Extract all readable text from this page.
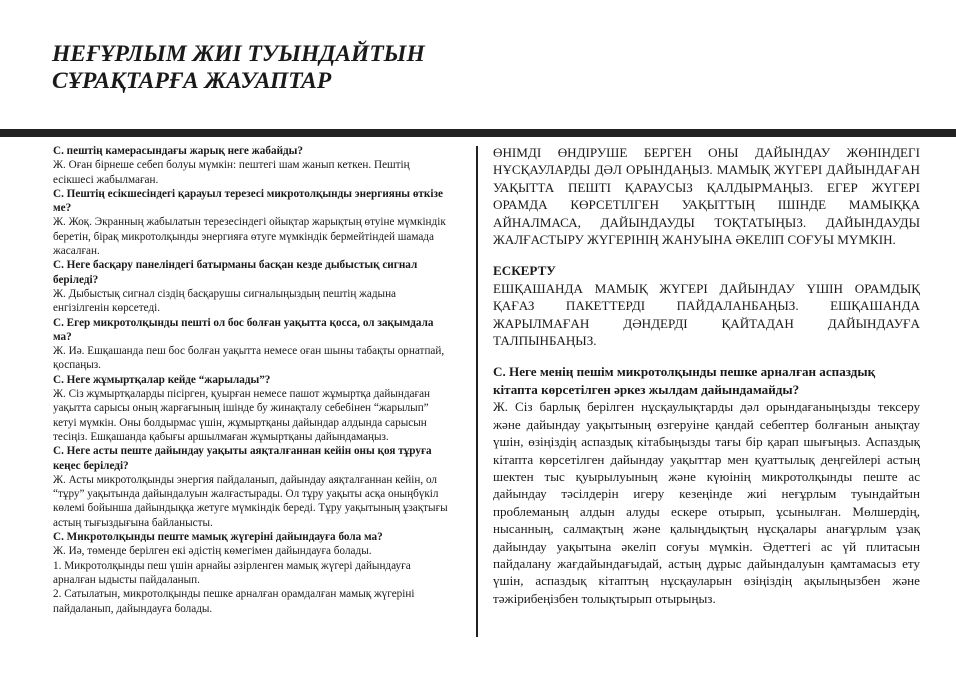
НЕҒҰРЛЫМ ЖИІ ТУЫНДАЙТЫН
СҰРАҚТАРҒА ЖАУАПТАР

С. пештің камерасындағы жарық неге жабайды?

Ж. Оған бірнеше себеп болуы мүмкін: пештегі шам жанып кеткен. Пештің есікшесі жабылмаған.

С. Пештің есікшесіндегі қарауыл терезесі микротолқынды энергияны өткізе ме?

Ж. Жоқ. Экранның жабылатын терезесіндегі ойықтар жарықтың өтуіне мүмкіндік беретін, бірақ микротолқынды энергияға өтуге мүмкіндік бермейтіндей шамада жасалған.

С. Неге басқару панеліндегі батырманы басқан кезде дыбыстық сигнал беріледі?

Ж. Дыбыстық сигнал сіздің басқарушы сигналыңыздың пештің жадына енгізілгенін көрсетеді.

С. Егер микротолқынды пешті ол бос болған уақытта қосса, ол зақымдала ма?

Ж. Иә. Ешқашанда пеш бос болған уақытта немесе оған шыны табақты орнатпай, қоспаңыз.

С. Неге жұмыртқалар кейде “жарылады”?

Ж. Сіз жұмыртқаларды пісірген, қуырған немесе пашот жұмыртқа дайындаған уақытта сарысы оның жарғағының ішінде бу жинақталу себебінен “жарылып” кетуі мүмкін. Оны болдырмас үшін, жұмыртқаны дайындар алдында сарысын тесіңіз. Ешқашанда қабығы аршылмаған жұмыртқаны дайындамаңыз.

С. Неге асты пеште дайындау уақыты аяқталғаннан кейін оны қоя тұруға кеңес беріледі?

Ж. Асты микротолқынды энергия пайдаланып, дайындау аяқталғаннан кейін, ол “тұру” уақытында дайындалуын жалғастырады. Ол тұру уақыты асқа оныңбүкіл көлемі бойынша дайындыққа жетуге мүмкіндік береді. Тұру уақытының ұзақтығы астың тығыздығына байланысты.

С. Микротолқынды пеште мамық жүгеріні дайындауға бола ма?

Ж. Иә, төменде берілген екі әдістің көмегімен дайындауға болады.

1. Микротолқынды пеш үшін арнайы әзірленген мамық жүгері дайындауға арналған ыдысты пайдаланып.

2. Сатылатын, микротолқынды пешке арналған орамдалған мамық жүгеріні пайдаланып, дайындауға болады.

ӨНІМДІ ӨНДІРУШЕ БЕРГЕН ОНЫ ДАЙЫНДАУ ЖӨНІНДЕГІ НҰСҚАУЛАРДЫ ДӘЛ ОРЫНДАҢЫЗ. МАМЫҚ ЖҮГЕРІ ДАЙЫНДАҒАН УАҚЫТТА ПЕШТІ ҚАРАУСЫЗ ҚАЛДЫРМАҢЫЗ. ЕГЕР ЖҮГЕРІ ОРАМДА КӨРСЕТІЛГЕН УАҚЫТТЫҢ ІШІНДЕ МАМЫҚҚА АЙНАЛМАСА, ДАЙЫНДАУДЫ ТОҚТАТЫҢЫЗ. ДАЙЫНДАУДЫ ЖАЛҒАСТЫРУ ЖҮГЕРІНІҢ ЖАНУЫНА ӘКЕЛІП СОҒУЫ МҮМКІН.

ЕСКЕРТУ
ЕШҚАШАНДА МАМЫҚ ЖҮГЕРІ ДАЙЫНДАУ ҮШІН ОРАМДЫҚ ҚАҒАЗ ПАКЕТТЕРДІ ПАЙДАЛАНБАҢЫЗ. ЕШҚАШАНДА ЖАРЫЛМАҒАН ДӘНДЕРДІ ҚАЙТАДАН ДАЙЫНДАУҒА ТАЛПЫНБАҢЫЗ.

С. Неге менің пешім микротолқынды пешке арналған аспаздық кітапта көрсетілген әркез жылдам дайындамайды?

Ж. Сіз барлық берілген нұсқаулықтарды дәл орындағаныңызды тексеру және дайындау уақытының өзгеруіне қандай себептер болғанын анықтау үшін, өзіңіздің аспаздық кітабыңызды тағы бір қарап шығыңыз. Аспаздық кітапта көрсетілген дайындау уақыттар мен қуаттылық деңгейлері астың шектен тыс қуырылуының және күюінің микротолқынды пеште ас дайындау тәсілдерін игеру кезеңінде жиі неғұрлым туындайтын проблеманың алдын алуды ескере отырып, ұсынылған. Мөлшердің, нысанның, салмақтың және қалыңдықтың нұсқалары анағұрлым ұзақ дайындау уақытына әкеліп соғуы мүмкін. Әдеттегі ас үй плитасын пайдалану жағдайындағыдай, астың дұрыс дайындалуын қамтамасыз ету үшін, аспаздық кітаптың нұсқауларын өзіңіздің ақылыңызбен және тәжірибеңізбен толықтырып отырыңыз.
